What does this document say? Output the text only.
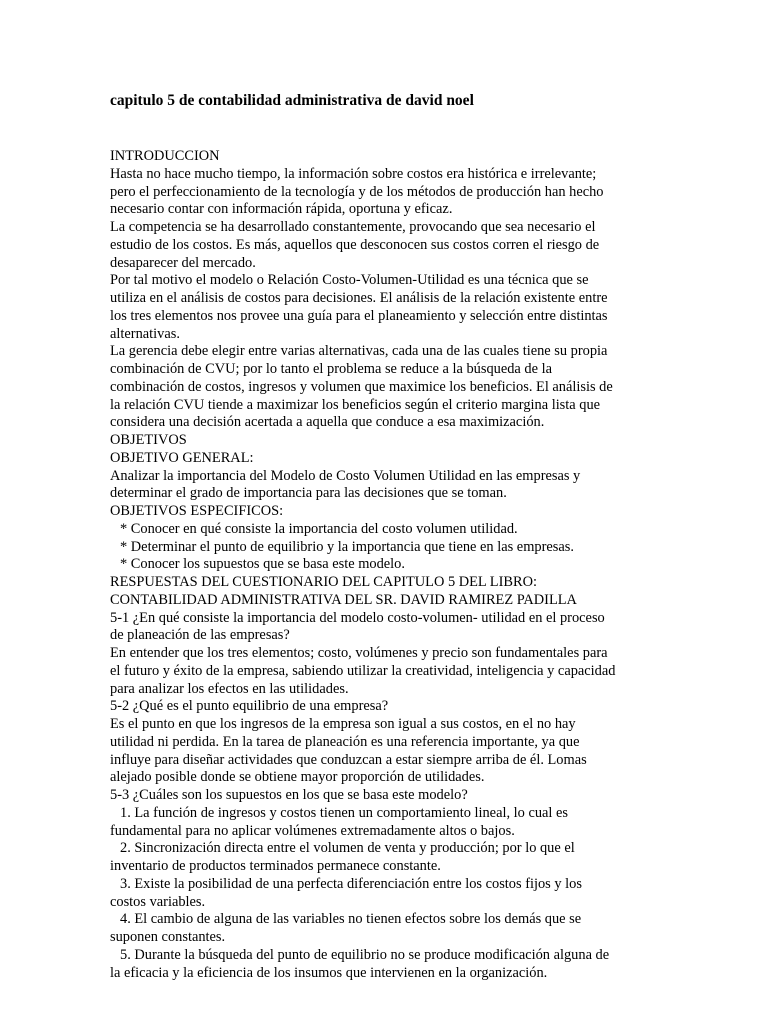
capitulo 5 de contabilidad administrativa de david noel
INTRODUCCION
Hasta no hace mucho tiempo, la información sobre costos era histórica e irrelevante;
pero el perfeccionamiento de la tecnología y de los métodos de producción han hecho
necesario contar con información rápida, oportuna y eficaz.
La competencia se ha desarrollado constantemente, provocando que sea necesario el
estudio de los costos. Es más, aquellos que desconocen sus costos corren el riesgo de
desaparecer del mercado.
Por tal motivo el modelo o Relación Costo-Volumen-Utilidad es una técnica que se
utiliza en el análisis de costos para decisiones. El análisis de la relación existente entre
los tres elementos nos provee una guía para el planeamiento y selección entre distintas
alternativas.
La gerencia debe elegir entre varias alternativas, cada una de las cuales tiene su propia
combinación de CVU; por lo tanto el problema se reduce a la búsqueda de la
combinación de costos, ingresos y volumen que maximice los beneficios. El análisis de
la relación CVU tiende a maximizar los beneficios según el criterio margina lista que
considera una decisión acertada a aquella que conduce a esa maximización.
OBJETIVOS
OBJETIVO GENERAL:
Analizar la importancia del Modelo de Costo Volumen Utilidad en las empresas y
determinar el grado de importancia para las decisiones que se toman.
OBJETIVOS ESPECIFICOS:
* Conocer en qué consiste la importancia del costo volumen utilidad.
* Determinar el punto de equilibrio y la importancia que tiene en las empresas.
* Conocer los supuestos que se basa este modelo.
RESPUESTAS DEL CUESTIONARIO DEL CAPITULO 5 DEL LIBRO:
CONTABILIDAD ADMINISTRATIVA DEL SR. DAVID RAMIREZ PADILLA
5-1 ¿En qué consiste la importancia del modelo costo-volumen- utilidad en el proceso
de planeación de las empresas?
En entender que los tres elementos; costo, volúmenes y precio son fundamentales para
el futuro y éxito de la empresa, sabiendo utilizar la creatividad, inteligencia y capacidad
para analizar los efectos en las utilidades.
5-2 ¿Qué es el punto equilibrio de una empresa?
Es el punto en que los ingresos de la empresa son igual a sus costos, en el no hay
utilidad ni perdida. En la tarea de planeación es una referencia importante, ya que
influye para diseñar actividades que conduzcan a estar siempre arriba de él. Lomas
alejado posible donde se obtiene mayor proporción de utilidades.
5-3 ¿Cuáles son los supuestos en los que se basa este modelo?
1. La función de ingresos y costos tienen un comportamiento lineal, lo cual es
fundamental para no aplicar volúmenes extremadamente altos o bajos.
2. Sincronización directa entre el volumen de venta y producción; por lo que el
inventario de productos terminados permanece constante.
3. Existe la posibilidad de una perfecta diferenciación entre los costos fijos y los
costos variables.
4. El cambio de alguna de las variables no tienen efectos sobre los demás que se
suponen constantes.
5. Durante la búsqueda del punto de equilibrio no se produce modificación alguna de
la eficacia y la eficiencia de los insumos que intervienen en la organización.
